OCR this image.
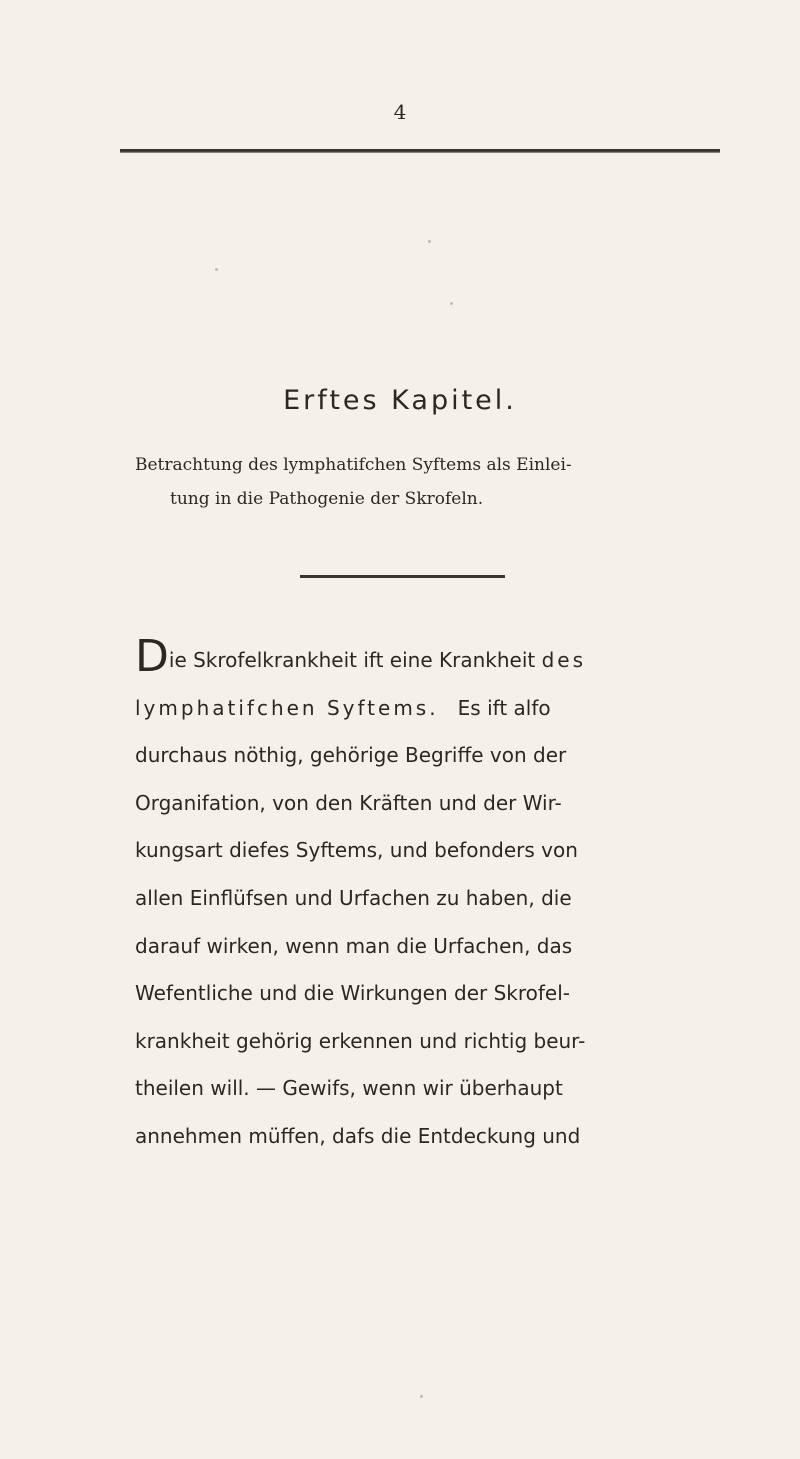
4
Erftes Kapitel.
Betrachtung des lymphatifchen Syftems als Einlei-
tung in die Pathogenie der Skrofeln.
Die Skrofelkrankheit ift eine Krankheit des
lymphatifchen Syftems. Es ift alfo
durchaus nöthig, gehörige Begriffe von der
Organifation, von den Kräften und der Wir-
kungsart diefes Syftems, und befonders von
allen Einflüfsen und Urfachen zu haben, die
darauf wirken, wenn man die Urfachen, das
Wefentliche und die Wirkungen der Skrofel-
krankheit gehörig erkennen und richtig beur-
theilen will. — Gewifs, wenn wir überhaupt
annehmen müffen, dafs die Entdeckung und
